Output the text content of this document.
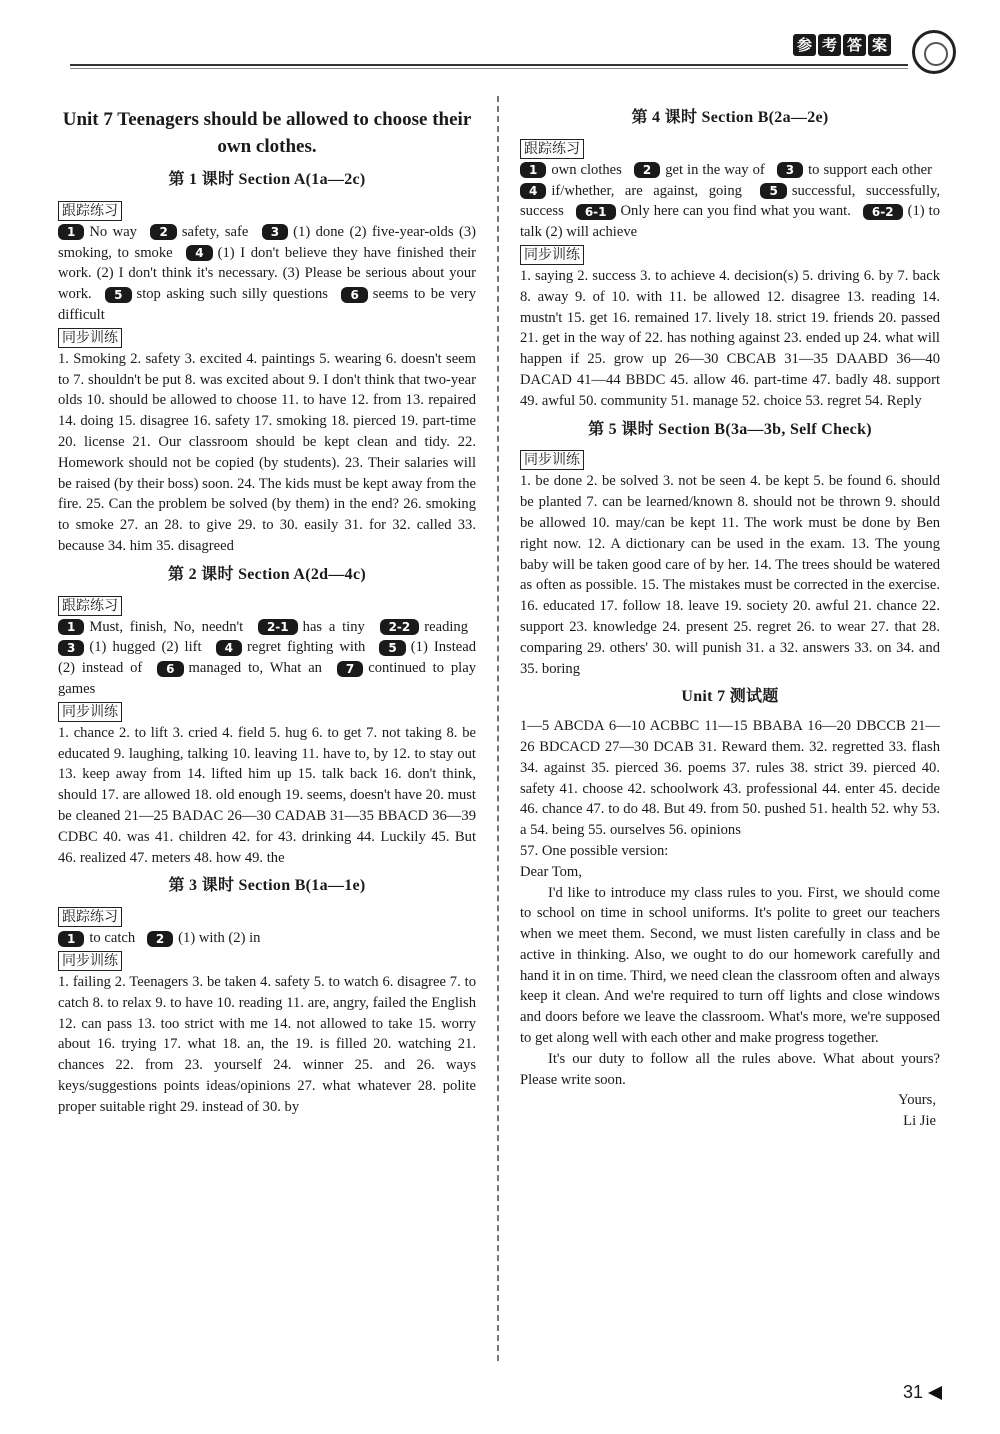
参 考 答 案
Unit 7 Teenagers should be allowed to choose their own clothes.
第 1 课时 Section A(1a—2c)
跟踪练习
1 No way 2 safety, safe 3 (1) done (2) five-year-olds (3) smoking, to smoke 4 (1) I don't believe they have finished their work. (2) I don't think it's necessary. (3) Please be serious about your work. 5 stop asking such silly questions 6 seems to be very difficult
同步训练
1. Smoking 2. safety 3. excited 4. paintings 5. wearing 6. doesn't seem to 7. shouldn't be put 8. was excited about 9. I don't think that two-year olds 10. should be allowed to choose 11. to have 12. from 13. repaired 14. doing 15. disagree 16. safety 17. smoking 18. pierced 19. part-time 20. license 21. Our classroom should be kept clean and tidy. 22. Homework should not be copied (by students). 23. Their salaries will be raised (by their boss) soon. 24. The kids must be kept away from the fire. 25. Can the problem be solved (by them) in the end? 26. smoking to smoke 27. an 28. to give 29. to 30. easily 31. for 32. called 33. because 34. him 35. disagreed
第 2 课时 Section A(2d—4c)
跟踪练习
1 Must, finish, No, needn't 2-1 has a tiny 2-2 reading 3 (1) hugged (2) lift 4 regret fighting with 5 (1) Instead (2) instead of 6 managed to, What an 7 continued to play games
同步训练
1. chance 2. to lift 3. cried 4. field 5. hug 6. to get 7. not taking 8. be educated 9. laughing, talking 10. leaving 11. have to, by 12. to stay out 13. keep away from 14. lifted him up 15. talk back 16. don't think, should 17. are allowed 18. old enough 19. seems, doesn't have 20. must be cleaned 21—25 BADAC 26—30 CADAB 31—35 BBACD 36—39 CDBC 40. was 41. children 42. for 43. drinking 44. Luckily 45. But 46. realized 47. meters 48. how 49. the
第 3 课时 Section B(1a—1e)
跟踪练习
1 to catch 2 (1) with (2) in
同步训练
1. failing 2. Teenagers 3. be taken 4. safety 5. to watch 6. disagree 7. to catch 8. to relax 9. to have 10. reading 11. are, angry, failed the English 12. can pass 13. too strict with me 14. not allowed to take 15. worry about 16. trying 17. what 18. an, the 19. is filled 20. watching 21. chances 22. from 23. yourself 24. winner 25. and 26. ways keys/suggestions points ideas/opinions 27. what whatever 28. polite proper suitable right 29. instead of 30. by
第 4 课时 Section B(2a—2e)
跟踪练习
1 own clothes 2 get in the way of 3 to support each other 4 if/whether, are against, going 5 successful, successfully, success 6-1 Only here can you find what you want. 6-2 (1) to talk (2) will achieve
同步训练
1. saying 2. success 3. to achieve 4. decision(s) 5. driving 6. by 7. back 8. away 9. of 10. with 11. be allowed 12. disagree 13. reading 14. mustn't 15. get 16. remained 17. lively 18. strict 19. friends 20. passed 21. get in the way of 22. has nothing against 23. ended up 24. what will happen if 25. grow up 26—30 CBCAB 31—35 DAABD 36—40 DACAD 41—44 BBDC 45. allow 46. part-time 47. badly 48. support 49. awful 50. community 51. manage 52. choice 53. regret 54. Reply
第 5 课时 Section B(3a—3b, Self Check)
同步训练
1. be done 2. be solved 3. not be seen 4. be kept 5. be found 6. should be planted 7. can be learned/known 8. should not be thrown 9. should be allowed 10. may/can be kept 11. The work must be done by Ben right now. 12. A dictionary can be used in the exam. 13. The young baby will be taken good care of by her. 14. The trees should be watered as often as possible. 15. The mistakes must be corrected in the exercise. 16. educated 17. follow 18. leave 19. society 20. awful 21. chance 22. support 23. knowledge 24. present 25. regret 26. to wear 27. that 28. comparing 29. others' 30. will punish 31. a 32. answers 33. on 34. and 35. boring
Unit 7 测试题
1—5 ABCDA 6—10 ACBBC 11—15 BBABA 16—20 DBCCB 21—26 BDCACD 27—30 DCAB 31. Reward them. 32. regretted 33. flash 34. against 35. pierced 36. poems 37. rules 38. strict 39. pierced 40. safety 41. choose 42. schoolwork 43. professional 44. enter 45. decide 46. chance 47. to do 48. But 49. from 50. pushed 51. health 52. why 53. a 54. being 55. ourselves 56. opinions

57. One possible version:

Dear Tom,

I'd like to introduce my class rules to you. First, we should come to school on time in school uniforms. It's polite to greet our teachers when we meet them. Second, we must listen carefully in class and be active in thinking. Also, we ought to do our homework carefully and hand it in on time. Third, we need clean the classroom often and always keep it clean. And we're required to turn off lights and close windows and doors before we leave the classroom. What's more, we're supposed to get along well with each other and make progress together.

It's our duty to follow all the rules above. What about yours? Please write soon.

Yours,
Li Jie
31
